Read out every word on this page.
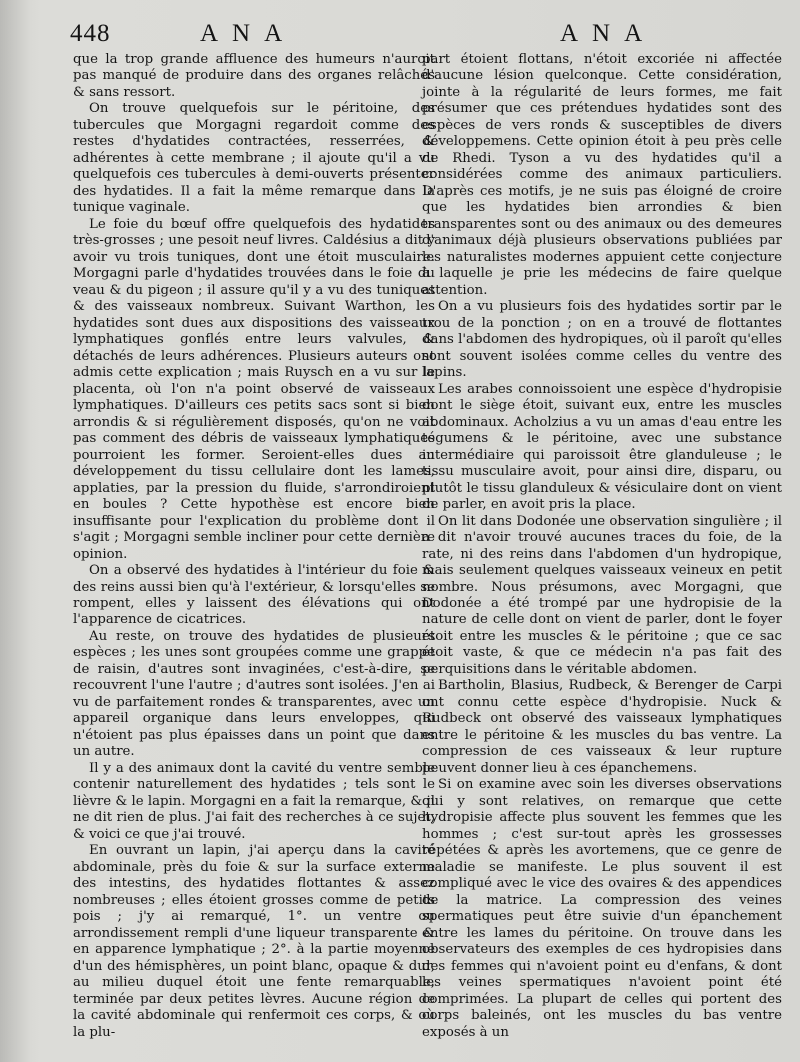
448	ANA	ANA

que la trop grande affluence des humeurs n'auroit pas manqué de produire dans des organes relâchés & sans ressort.

On trouve quelquefois sur le péritoine, des tubercules que Morgagni regardoit comme des restes d'hydatides contractées, resserrées, & adhérentes à cette membrane ; il ajoute qu'il a vu quelquefois ces tubercules à demi-ouverts présenter des hydatides. Il a fait la même remarque dans la tunique vaginale.

Le foie du bœuf offre quelquefois des hydatides très-grosses ; une pesoit neuf livres. Caldésius a dit y avoir vu trois tuniques, dont une étoit musculaire. Morgagni parle d'hydatides trouvées dans le foie du veau & du pigeon ; il assure qu'il y a vu des tuniques & des vaisseaux nombreux. Suivant Warthon, les hydatides sont dues aux dispositions des vaisseaux lymphatiques gonflés entre leurs valvules, & détachés de leurs adhérences. Plusieurs auteurs ont admis cette explication ; mais Ruysch en a vu sur le placenta, où l'on n'a point observé de vaisseaux lymphatiques. D'ailleurs ces petits sacs sont si bien arrondis & si régulièrement disposés, qu'on ne voit pas comment des débris de vaisseaux lymphatiques pourroient les former. Seroient-elles dues au développement du tissu cellulaire dont les lames, applaties, par la pression du fluide, s'arrondiroient en boules ? Cette hypothèse est encore bien insuffisante pour l'explication du problème dont il s'agit ; Morgagni semble incliner pour cette dernière opinion.

On a observé des hydatides à l'intérieur du foie & des reins aussi bien qu'à l'extérieur, & lorsqu'elles se rompent, elles y laissent des élévations qui ont l'apparence de cicatrices.

Au reste, on trouve des hydatides de plusieurs espèces ; les unes sont groupées comme une grappe de raisin, d'autres sont invaginées, c'est-à-dire, se recouvrent l'une l'autre ; d'autres sont isolées. J'en ai vu de parfaitement rondes & transparentes, avec un appareil organique dans leurs enveloppes, qui n'étoient pas plus épaisses dans un point que dans un autre.

Il y a des animaux dont la cavité du ventre semble contenir naturellement des hydatides ; tels sont le lièvre & le lapin. Morgagni en a fait la remarque, & il ne dit rien de plus. J'ai fait des recherches à ce sujet, & voici ce que j'ai trouvé.

En ouvrant un lapin, j'ai aperçu dans la cavité abdominale, près du foie & sur la surface externe des intestins, des hydatides flottantes & assez nombreuses ; elles étoient grosses comme de petits pois ; j'y ai remarqué, 1°. un ventre ou arrondissement rempli d'une liqueur transparente & en apparence lymphatique ; 2°. à la partie moyenne d'un des hémisphères, un point blanc, opaque & dur, au milieu duquel étoit une fente remarquable, terminée par deux petites lèvres. Aucune région de la cavité abdominale qui renfermoit ces corps, & où la plu-

part étoient flottans, n'étoit excoriée ni affectée d'aucune lésion quelconque. Cette considération, jointe à la régularité de leurs formes, me fait présumer que ces prétendues hydatides sont des espèces de vers ronds & susceptibles de divers développemens. Cette opinion étoit à peu près celle de Rhedi. Tyson a vu des hydatides qu'il a considérées comme des animaux particuliers. D'après ces motifs, je ne suis pas éloigné de croire que les hydatides bien arrondies & bien transparentes sont ou des animaux ou des demeures d'animaux déjà plusieurs observations publiées par les naturalistes modernes appuient cette conjecture à laquelle je prie les médecins de faire quelque attention.

On a vu plusieurs fois des hydatides sortir par le trou de la ponction ; on en a trouvé de flottantes dans l'abdomen des hydropiques, où il paroît qu'elles sont souvent isolées comme celles du ventre des lapins.

Les arabes connoissoient une espèce d'hydropisie dont le siège étoit, suivant eux, entre les muscles abdominaux. Acholzius a vu un amas d'eau entre les tégumens & le péritoine, avec une substance intermédiaire qui paroissoit être glanduleuse ; le tissu musculaire avoit, pour ainsi dire, disparu, ou plutôt le tissu glanduleux & vésiculaire dont on vient de parler, en avoit pris la place.

On lit dans Dodonée une observation singulière ; il a dit n'avoir trouvé aucunes traces du foie, de la rate, ni des reins dans l'abdomen d'un hydropique, mais seulement quelques vaisseaux veineux en petit nombre. Nous présumons, avec Morgagni, que Dodonée a été trompé par une hydropisie de la nature de celle dont on vient de parler, dont le foyer étoit entre les muscles & le péritoine ; que ce sac étoit vaste, & que ce médecin n'a pas fait des perquisitions dans le véritable abdomen.

Bartholin, Blasius, Rudbeck, & Berenger de Carpi ont connu cette espèce d'hydropisie. Nuck & Rudbeck ont observé des vaisseaux lymphatiques entre le péritoine & les muscles du bas ventre. La compression de ces vaisseaux & leur rupture peuvent donner lieu à ces épanchemens.

Si on examine avec soin les diverses observations qui y sont relatives, on remarque que cette hydropisie affecte plus souvent les femmes que les hommes ; c'est sur-tout après les grossesses répétées & après les avortemens, que ce genre de maladie se manifeste. Le plus souvent il est compliqué avec le vice des ovaires & des appendices de la matrice. La compression des veines spermatiques peut être suivie d'un épanchement entre les lames du péritoine. On trouve dans les observateurs des exemples de ces hydropisies dans des femmes qui n'avoient point eu d'enfans, & dont les veines spermatiques n'avoient point été comprimées. La plupart de celles qui portent des corps baleinés, ont les muscles du bas ventre exposés à un
